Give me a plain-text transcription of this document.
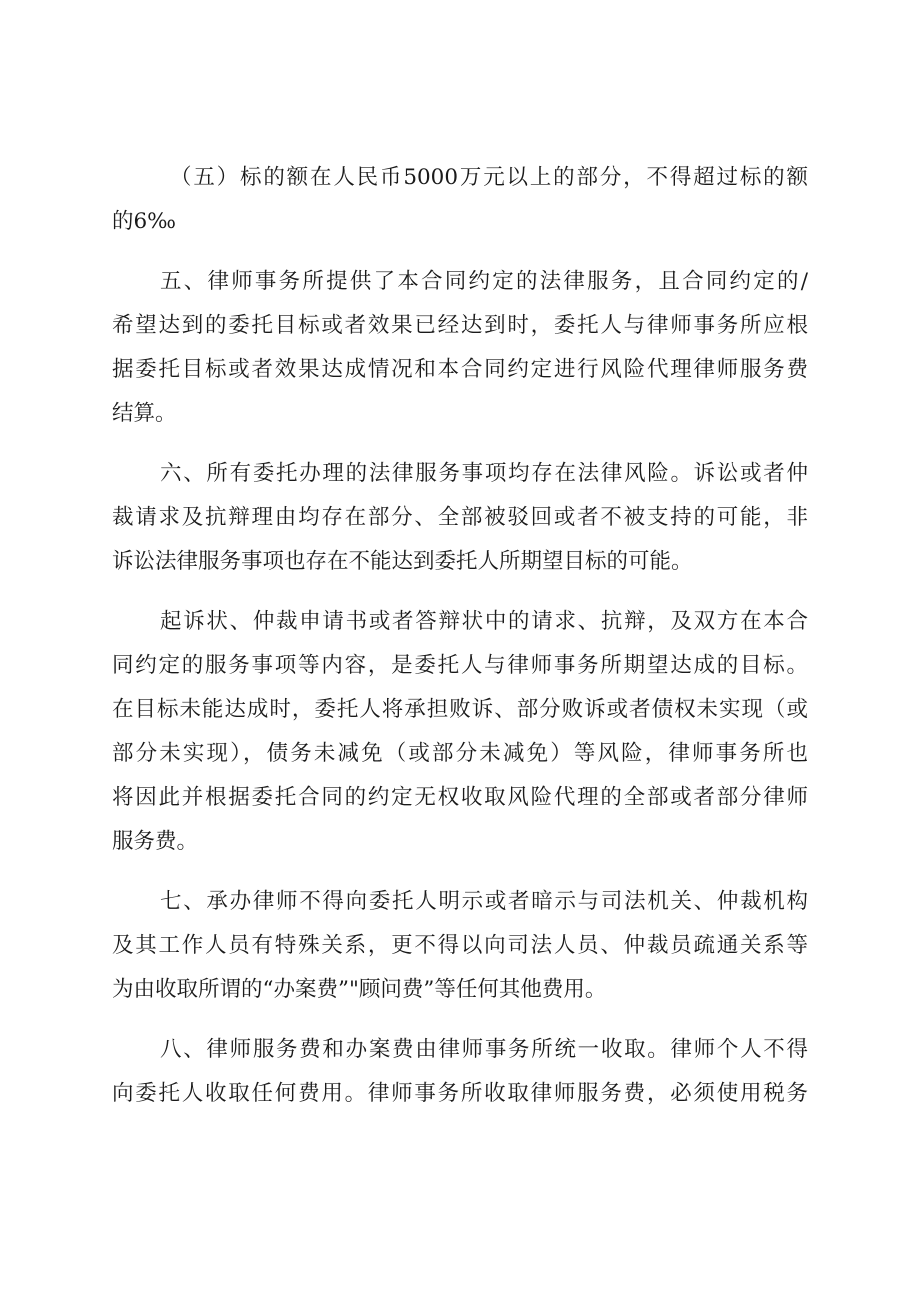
（五）标的额在人民币5000万元以上的部分，不得超过标的额
的6‰
五、律师事务所提供了本合同约定的法律服务，且合同约定的/
希望达到的委托目标或者效果已经达到时，委托人与律师事务所应根
据委托目标或者效果达成情况和本合同约定进行风险代理律师服务费
结算。
六、所有委托办理的法律服务事项均存在法律风险。诉讼或者仲
裁请求及抗辩理由均存在部分、全部被驳回或者不被支持的可能，非
诉讼法律服务事项也存在不能达到委托人所期望目标的可能。
起诉状、仲裁申请书或者答辩状中的请求、抗辩，及双方在本合
同约定的服务事项等内容，是委托人与律师事务所期望达成的目标。
在目标未能达成时，委托人将承担败诉、部分败诉或者债权未实现（或
部分未实现），债务未减免（或部分未减免）等风险，律师事务所也
将因此并根据委托合同的约定无权收取风险代理的全部或者部分律师
服务费。
七、承办律师不得向委托人明示或者暗示与司法机关、仲裁机构
及其工作人员有特殊关系，更不得以向司法人员、仲裁员疏通关系等
为由收取所谓的“办案费”"顾问费”等任何其他费用。
八、律师服务费和办案费由律师事务所统一收取。律师个人不得
向委托人收取任何费用。律师事务所收取律师服务费，必须使用税务
